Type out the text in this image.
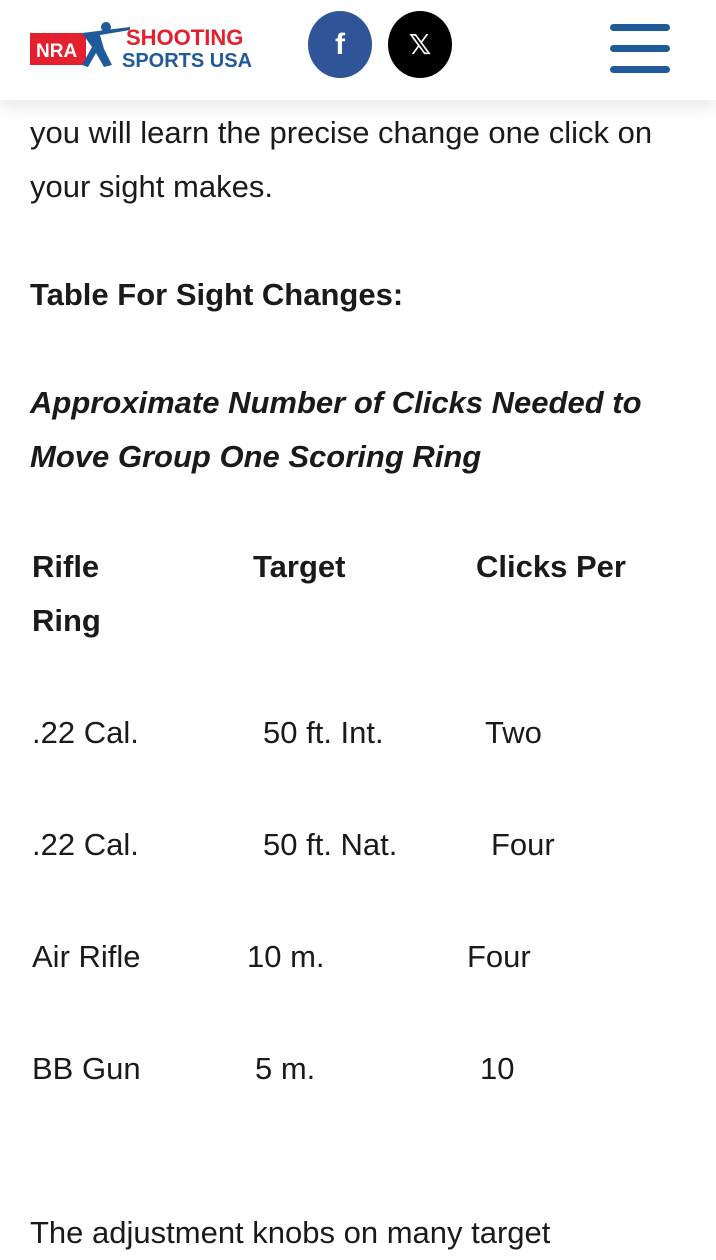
NRA
SHOOTING
SPORTS USA
f 𝕏

you will learn the precise change one click on your sight makes.

Table For Sight Changes:

Approximate Number of Clicks Needed to Move Group One Scoring Ring

Rifle	Target	Clicks Per
Ring
.22 Cal.	50 ft. Int.	Two
.22 Cal.	50 ft. Nat.	Four
Air Rifle	10 m.	Four
BB Gun	5 m.	10

The adjustment knobs on many target
